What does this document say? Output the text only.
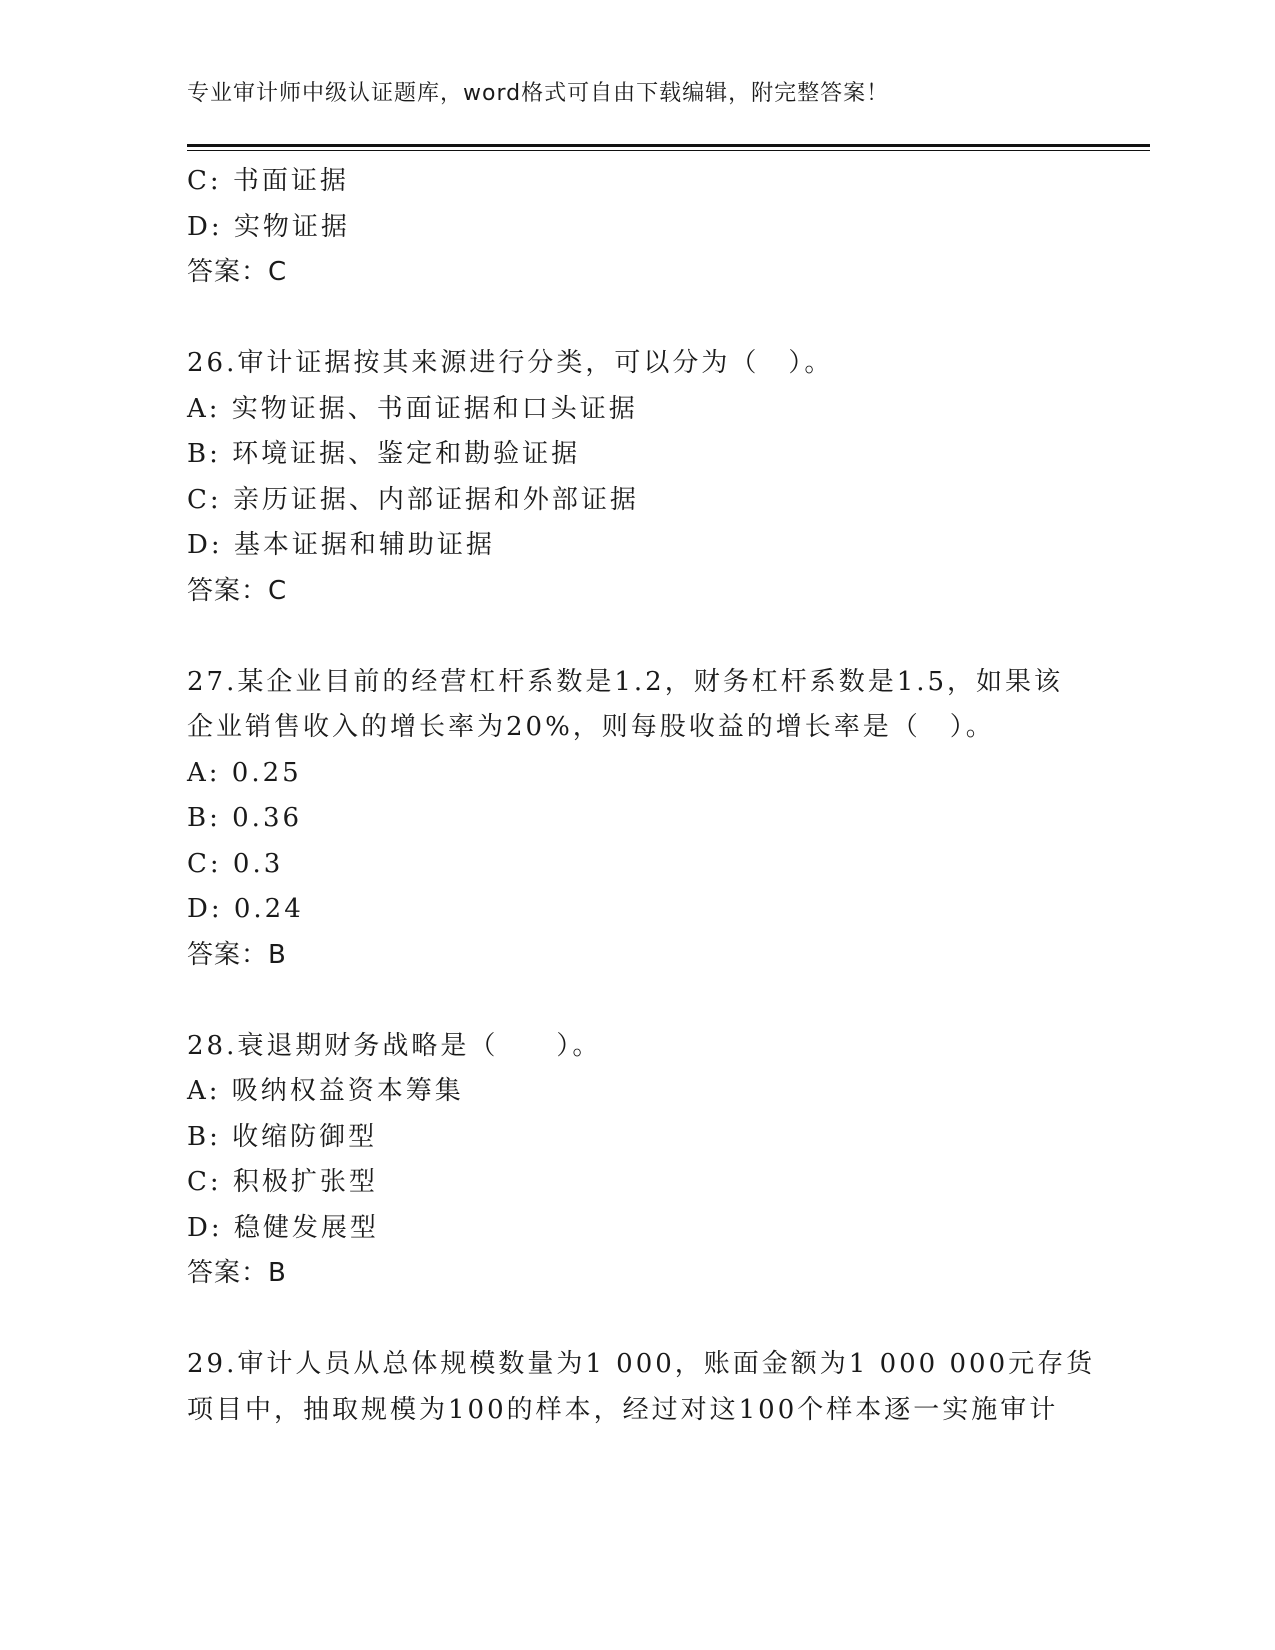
专业审计师中级认证题库，word格式可自由下载编辑，附完整答案！
C: 书面证据
D: 实物证据
答案：C
26.审计证据按其来源进行分类，可以分为（　）。
A: 实物证据、书面证据和口头证据
B: 环境证据、鉴定和勘验证据
C: 亲历证据、内部证据和外部证据
D: 基本证据和辅助证据
答案：C
27.某企业目前的经营杠杆系数是1.2，财务杠杆系数是1.5，如果该
企业销售收入的增长率为20%，则每股收益的增长率是（　）。
A: 0.25
B: 0.36
C: 0.3
D: 0.24
答案：B
28.衰退期财务战略是（　　）。
A: 吸纳权益资本筹集
B: 收缩防御型
C: 积极扩张型
D: 稳健发展型
答案：B
29.审计人员从总体规模数量为1 000，账面金额为1 000 000元存货
项目中，抽取规模为100的样本，经过对这100个样本逐一实施审计
